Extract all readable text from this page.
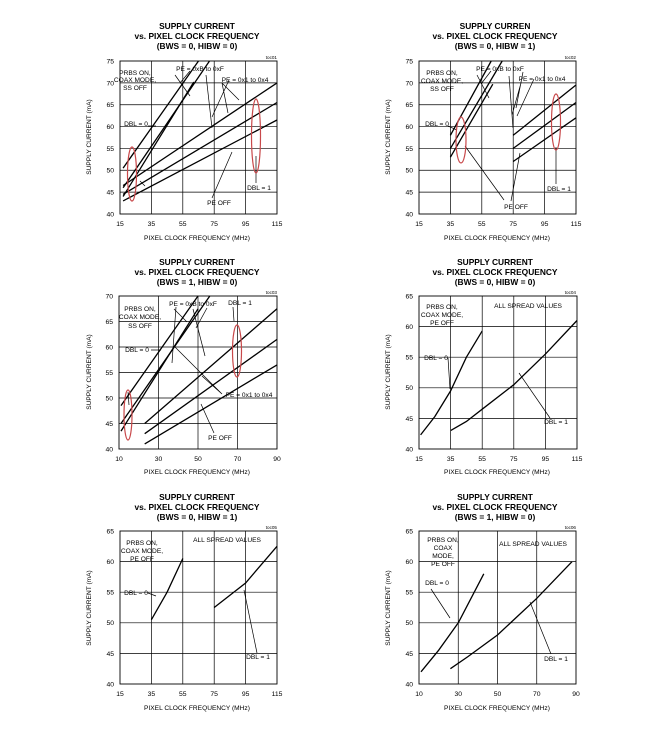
SUPPLY CURRENT
vs. PIXEL CLOCK FREQUENCY
(BWS = 0, HIBW = 0)
toc01
PIXEL CLOCK FREQUENCY (MHz)
SUPPLY CURRENT (mA)
40
45
50
55
60
65
70
75
15	35	55	75	95	115
PRBS ON,
COAX MODE,
SS OFF
DBL = 0
PE = 0xB to 0xF
PE = 0x1 to 0x4
DBL = 1
PE OFF
SUPPLY CURREN
vs. PIXEL CLOCK FREQUENCY
(BWS = 0, HIBW = 1)
toc02
PIXEL CLOCK FREQUENCY (MHz)
SUPPLY CURRENT (mA)
40
45
50
55
60
65
70
75
15	35	55	75	95	115
PRBS ON,
COAX MODE,
SS OFF
DBL = 0
PE = 0xB to 0xF
PE = 0x1 to 0x4
DBL = 1
PE OFF
SUPPLY CURRENT
vs. PIXEL CLOCK FREQUENCY
(BWS = 1, HIBW = 0)
toc03
PIXEL CLOCK FREQUENCY (MHz)
SUPPLY CURRENT (mA)
40
45
50
55
60
65
70
10	30	50	70	90
PRBS ON,
COAX MODE,
SS OFF
DBL = 0
PE = 0xB to 0xF DBL = 1
PE = 0x1 to 0x4
PE OFF
SUPPLY CURRENT
vs. PIXEL CLOCK FREQUENCY
(BWS = 0, HIBW = 0)
toc04
PIXEL CLOCK FREQUENCY (MHz)
SUPPLY CURRENT (mA)
40
45
50
55
60
65
15	35	55	75	95	115
PRBS ON,
COAX MODE,
PE OFF
ALL SPREAD VALUES
DBL = 0
DBL = 1
SUPPLY CURRENT
vs. PIXEL CLOCK FREQUENCY
(BWS = 0, HIBW = 1)
toc05
PIXEL CLOCK FREQUENCY (MHz)
SUPPLY CURRENT (mA)
40
45
50
55
60
65
15	35	55	75	95	115
PRBS ON,
COAX MODE,
PE OFF
ALL SPREAD VALUES
DBL = 0
DBL = 1
SUPPLY CURRENT
vs. PIXEL CLOCK FREQUENCY
(BWS = 1, HIBW = 0)
toc06
PIXEL CLOCK FREQUENCY (MHz)
SUPPLY CURRENT (mA)
40
45
50
55
60
65
10	30	50	70	90
PRBS ON,
COAX
MODE,
PE OFF
ALL SPREAD VALUES
DBL = 0
DBL = 1
